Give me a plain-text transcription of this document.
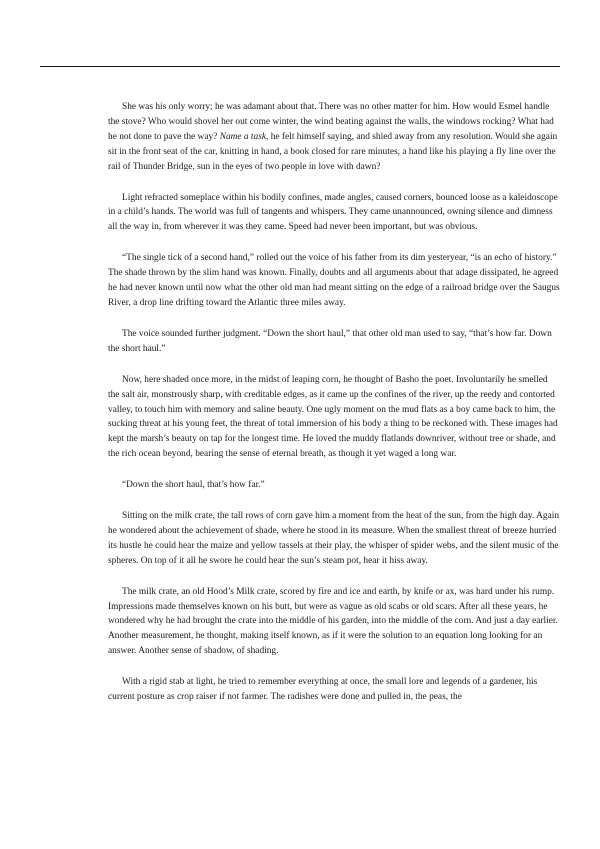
She was his only worry; he was adamant about that. There was no other matter for him. How would Esmel handle the stove? Who would shovel her out come winter, the wind beating against the walls, the windows rocking? What had he not done to pave the way? Name a task, he felt himself saying, and shied away from any resolution. Would she again sit in the front seat of the car, knitting in hand, a book closed for rare minutes, a hand like his playing a fly line over the rail of Thunder Bridge, sun in the eyes of two people in love with dawn?

Light refracted someplace within his bodily confines, made angles, caused corners, bounced loose as a kaleidoscope in a child’s hands. The world was full of tangents and whispers. They came unannounced, owning silence and dimness all the way in, from wherever it was they came. Speed had never been important, but was obvious.

“The single tick of a second hand,” rolled out the voice of his father from its dim yesteryear, “is an echo of history.” The shade thrown by the slim hand was known. Finally, doubts and all arguments about that adage dissipated, he agreed he had never known until now what the other old man had meant sitting on the edge of a railroad bridge over the Saugus River, a drop line drifting toward the Atlantic three miles away.

The voice sounded further judgment. “Down the short haul,” that other old man used to say, “that’s how far. Down the short haul.”

Now, here shaded once more, in the midst of leaping corn, he thought of Basho the poet. Involuntarily he smelled the salt air, monstrously sharp, with creditable edges, as it came up the confines of the river, up the reedy and contorted valley, to touch him with memory and saline beauty. One ugly moment on the mud flats as a boy came back to him, the sucking threat at his young feet, the threat of total immersion of his body a thing to be reckoned with. These images had kept the marsh’s beauty on tap for the longest time. He loved the muddy flatlands downriver, without tree or shade, and the rich ocean beyond, bearing the sense of eternal breath, as though it yet waged a long war.

“Down the short haul, that’s how far.”

Sitting on the milk crate, the tall rows of corn gave him a moment from the heat of the sun, from the high day. Again he wondered about the achievement of shade, where he stood in its measure. When the smallest threat of breeze hurried its hustle he could hear the maize and yellow tassels at their play, the whisper of spider webs, and the silent music of the spheres. On top of it all he swore he could hear the sun’s steam pot, hear it hiss away.

The milk crate, an old Hood’s Milk crate, scored by fire and ice and earth, by knife or ax, was hard under his rump. Impressions made themselves known on his butt, but were as vague as old scabs or old scars. After all these years, he wondered why he had brought the crate into the middle of his garden, into the middle of the corn. And just a day earlier. Another measurement, he thought, making itself known, as if it were the solution to an equation long looking for an answer. Another sense of shadow, of shading.

With a rigid stab at light, he tried to remember everything at once, the small lore and legends of a gardener, his current posture as crop raiser if not farmer. The radishes were done and pulled in, the peas, the
